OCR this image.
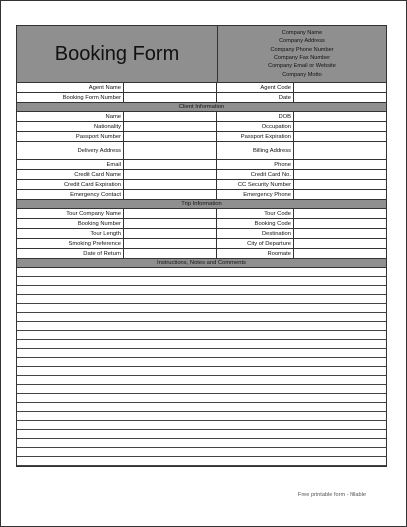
Booking Form
Company Name
Company Address
Company Phone Number
Company Fax Number
Company Email or Website
Company Motto
Agent Name	Agent Code
Booking Form Number	Date
Client Information
Name	DOB
Nationality	Occupation
Passport Number	Passport Expiration
Delivery Address	Billing Address
Email	Phone
Credit Card Name	Credit Card No.
Credit Card Expiration	CC Security Number
Emergency Contact	Emergency Phone
Trip Information
Tour Company Name	Tour Code
Booking Number	Booking Code
Tour Length	Destination
Smoking Preference	City of Departure
Date of Return	Roomate
Instructions, Notes and Comments
Free printable form - fillable
